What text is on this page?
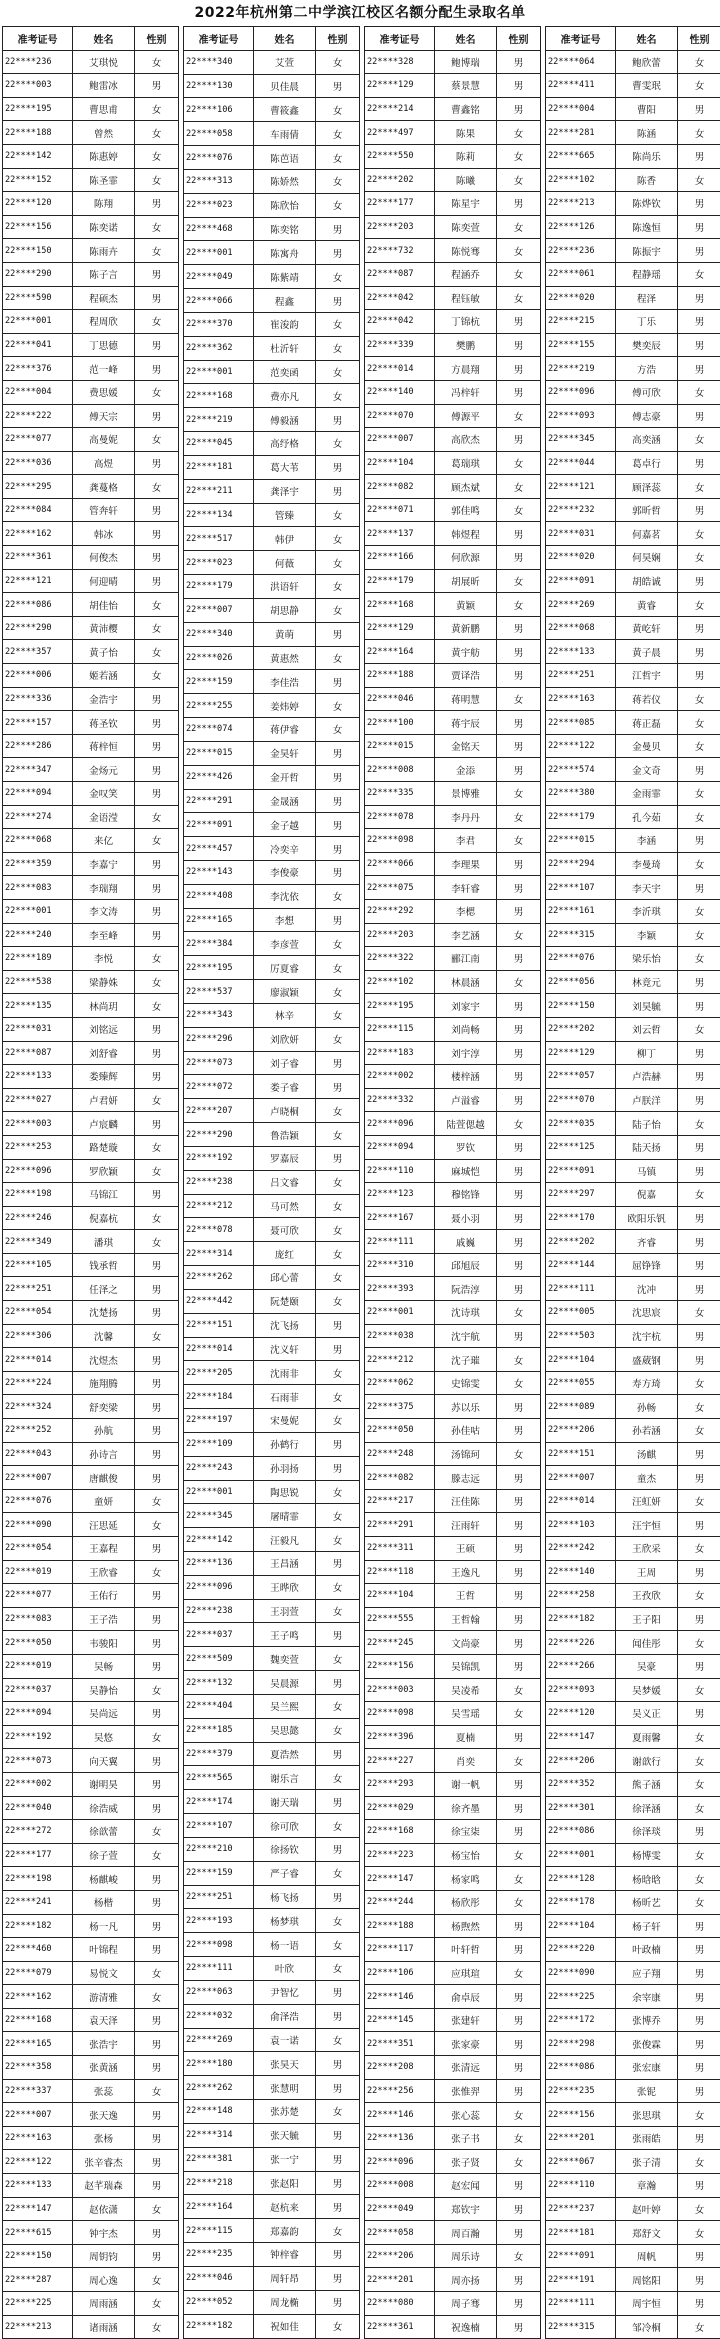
2022年杭州第二中学滨江校区名额分配生录取名单
准考证号	姓名	性别
22****236	艾琪悦	女
22****003	鲍雷冰	男
22****195	曹思甫	女
22****188	曾然	女
22****142	陈惠婷	女
22****152	陈圣霏	女
22****120	陈翔	男
22****156	陈奕诺	女
22****150	陈雨卉	女
22****290	陈子言	男
22****590	程硕杰	男
22****001	程周欣	女
22****041	丁思德	男
22****376	范一峰	男
22****004	费思媛	女
22****222	傅天宗	男
22****077	高曼妮	女
22****036	高煜	男
22****295	龚蔓格	女
22****084	管奔轩	男
22****162	韩冰	男
22****361	何俊杰	男
22****121	何迎晴	男
22****086	胡佳怡	女
22****290	黄沛樱	女
22****357	黄子怡	女
22****006	姬若涵	女
22****336	金浩宇	男
22****157	蒋圣钦	男
22****286	蒋梓恒	男
22****347	金炀元	男
22****094	金叹笑	男
22****274	金语滢	女
22****068	来亿	女
22****359	李嘉宁	男
22****083	李瑞翔	男
22****001	李文涛	男
22****240	李至峰	男
22****189	李悦	女
22****538	梁静姝	女
22****135	林尚玥	女
22****031	刘铭远	男
22****087	刘舒睿	男
22****133	娄臻辉	男
22****027	卢君妍	女
22****003	卢宸麟	男
22****253	路楚璇	女
22****096	罗欣颖	女
22****198	马锦江	男
22****246	倪嘉杭	女
22****349	潘琪	女
22****105	钱承哲	男
22****251	任泽之	男
22****054	沈楚扬	男
22****306	沈馨	女
22****014	沈煜杰	男
22****224	施翔腾	男
22****324	舒奕梁	男
22****252	孙航	男
22****043	孙诗言	男
22****007	唐麒俊	男
22****076	童妍	女
22****090	汪思延	女
22****054	王嘉程	男
22****019	王欣睿	女
22****077	王佑行	男
22****083	王子浩	男
22****050	韦骏阳	男
22****019	吴畅	男
22****037	吴静怡	女
22****094	吴尚远	男
22****192	吴悠	女
22****073	向天翼	男
22****002	谢明昊	男
22****040	徐浩威	男
22****272	徐歆蕾	女
22****177	徐子萱	女
22****198	杨麒峻	男
22****241	杨楷	男
22****182	杨一凡	男
22****460	叶锦程	男
22****079	易悦文	女
22****162	游清雅	女
22****168	袁天泽	男
22****165	张浩宇	男
22****358	张黄涵	男
22****337	张蕊	女
22****007	张天逸	男
22****163	张杨	男
22****122	张辛睿杰	男
22****133	赵芊瑞森	男
22****147	赵依潇	女
22****615	钟宇杰	男
22****150	周钥钧	男
22****287	周心逸	女
22****225	周雨涵	女
22****213	诸雨涵	女
准考证号	姓名	性别
22****340	艾萱	女
22****130	贝佳晨	男
22****106	曹筱鑫	女
22****058	车雨倩	女
22****076	陈芭语	女
22****313	陈娇然	女
22****023	陈欣怡	女
22****468	陈奕铭	男
22****001	陈寓舟	男
22****049	陈紫靖	女
22****066	程鑫	男
22****370	崔浚韵	女
22****362	杜沂轩	女
22****001	范奕函	女
22****168	费亦凡	女
22****219	傅毅涵	男
22****045	高纾格	女
22****181	葛大苇	男
22****211	龚泽宇	男
22****134	管臻	女
22****517	韩伊	女
22****023	何薇	女
22****179	洪语轩	女
22****007	胡思静	女
22****340	黄萌	男
22****026	黄惠然	女
22****159	李佳浩	男
22****255	姜炜婷	女
22****074	蒋伊睿	女
22****015	金昊轩	男
22****426	金开哲	男
22****291	金晟涵	男
22****091	金子越	男
22****457	冷奕辛	男
22****143	李俊豪	男
22****408	李沈依	女
22****165	李想	男
22****384	李彦萱	女
22****195	厉夏睿	女
22****537	廖淑颖	女
22****343	林辛	女
22****296	刘欣妍	女
22****073	刘子睿	男
22****072	娄子睿	男
22****207	卢晓桐	女
22****290	鲁浩颖	女
22****192	罗嘉辰	男
22****238	吕文睿	女
22****212	马可然	女
22****078	聂可欣	女
22****314	庞红	女
22****262	邱心蕾	女
22****442	阮楚颐	女
22****151	沈飞扬	男
22****014	沈义轩	男
22****205	沈雨非	女
22****184	石雨菲	女
22****197	宋曼妮	女
22****109	孙鹤行	男
22****243	孙羽扬	男
22****001	陶思锐	女
22****345	屠晴霏	女
22****142	汪毅凡	女
22****136	王昌涵	男
22****096	王晔欣	女
22****238	王羽萱	女
22****037	王子鸣	男
22****509	魏奕萱	女
22****132	吴晨源	男
22****404	吴兰熙	女
22****185	吴思懿	女
22****379	夏浩然	男
22****565	谢乐言	女
22****174	谢天瑞	男
22****107	徐可欣	女
22****210	徐扬钦	男
22****159	严子睿	女
22****251	杨飞扬	男
22****193	杨梦琪	女
22****098	杨一语	女
22****111	叶欣	女
22****063	尹智忆	男
22****032	俞泽浩	男
22****269	袁一诺	女
22****180	张昊天	男
22****262	张慧明	男
22****148	张苏楚	女
22****314	张天毓	男
22****381	张一宁	男
22****218	张赵阳	男
22****164	赵杭来	男
22****115	郑嘉韵	女
22****235	钟梓睿	男
22****046	周轩昂	男
22****052	周龙椭	男
22****182	祝如佳	女
准考证号	姓名	性别
22****328	鲍博瑞	男
22****129	蔡景慧	男
22****214	曹鑫铭	男
22****497	陈果	女
22****550	陈莉	女
22****202	陈曦	女
22****177	陈星宇	男
22****203	陈奕萱	女
22****732	陈悦骞	女
22****087	程涵乔	女
22****042	程钰敏	女
22****042	丁锦杭	男
22****339	樊鹏	男
22****014	方晨翔	男
22****140	冯梓轩	男
22****070	傅源平	女
22****007	高欣杰	男
22****104	葛瑞琪	女
22****082	顾杰斌	女
22****071	郭佳鸣	女
22****137	韩煜程	男
22****166	何欣源	男
22****179	胡展昕	女
22****168	黄颖	女
22****129	黄新鹏	男
22****164	黄宇舫	男
22****188	贾译浩	男
22****046	蒋明慧	女
22****100	蒋宇辰	男
22****015	金铭天	男
22****008	金添	男
22****335	景博雅	女
22****078	李丹丹	女
22****098	李君	女
22****066	李理果	男
22****075	李轩睿	男
22****292	李楒	男
22****203	李艺涵	女
22****322	郦江南	男
22****102	林晨涵	女
22****195	刘家宇	男
22****115	刘尚畅	男
22****183	刘宇淳	男
22****002	楼梓涵	男
22****332	卢溢睿	男
22****096	陆萱偲越	女
22****094	罗钦	男
22****110	麻城恺	男
22****123	穆铭锋	男
22****167	聂小羽	男
22****111	戚巍	男
22****310	邱旭辰	男
22****393	阮浩淳	男
22****001	沈诗琪	女
22****038	沈宇航	男
22****212	沈子璀	女
22****062	史锦雯	女
22****375	苏以乐	男
22****050	孙佳咕	男
22****248	汤锦珂	女
22****082	滕志远	男
22****217	汪佳陈	男
22****291	汪雨轩	男
22****311	王硕	男
22****118	王逸凡	男
22****104	王哲	男
22****555	王哲翰	男
22****245	文尚豪	男
22****156	吴锦凯	男
22****003	吴凌希	女
22****098	吴雪瑶	女
22****396	夏楠	男
22****227	肖奕	女
22****293	谢一帆	男
22****029	徐齐墨	男
22****168	徐宝柒	男
22****223	杨宝怡	女
22****147	杨家鸣	女
22****244	杨欣彤	女
22****188	杨煦然	男
22****117	叶轩哲	男
22****106	应琪瑄	女
22****146	俞卓辰	男
22****145	张建轩	男
22****351	张家豪	男
22****208	张清远	男
22****256	张惟羿	男
22****146	张心蕊	女
22****136	张子书	女
22****096	张子贤	女
22****008	赵宏闻	男
22****049	郑钦宇	男
22****058	周百瀚	男
22****206	周乐诗	女
22****201	周亦扬	男
22****080	周子骞	男
22****361	祝逸楠	男
准考证号	姓名	性别
22****064	鲍欣蕾	女
22****411	曹雯珉	女
22****004	曹阳	男
22****281	陈涵	女
22****665	陈尚乐	男
22****102	陈香	女
22****213	陈烨钦	男
22****126	陈逸恒	男
22****236	陈振宇	男
22****061	程静瑶	女
22****020	程泽	男
22****215	丁乐	男
22****155	樊奕辰	男
22****219	方浩	男
22****096	傅可欣	女
22****093	傅志豪	男
22****345	高奕涵	女
22****044	葛卓行	男
22****121	顾泽蕊	女
22****232	郭昕哲	男
22****031	何嘉茗	女
22****020	何昊娴	女
22****091	胡皓诚	男
22****269	黄睿	女
22****068	黄屹轩	男
22****133	黄子晨	男
22****251	江哲宇	男
22****163	蒋若仪	女
22****085	蒋正磊	女
22****122	金曼贝	女
22****574	金文奇	男
22****380	金雨霏	女
22****179	孔今茹	女
22****015	李涵	男
22****294	李曼琦	女
22****107	李天宇	男
22****161	李沂琪	女
22****315	李颖	女
22****076	梁乐怡	女
22****056	林竟元	男
22****150	刘昊毓	男
22****202	刘云哲	女
22****129	柳丁	男
22****057	卢浩赫	男
22****070	卢朕洋	男
22****035	陆子怡	女
22****125	陆天扬	男
22****091	马镇	男
22****297	倪嘉	女
22****170	欧阳乐钒	男
22****202	齐睿	男
22****144	屈铮锋	男
22****111	沈冲	男
22****005	沈思宸	女
22****503	沈宇杭	男
22****104	盛葳钢	男
22****055	寿方琦	女
22****089	孙畅	女
22****206	孙若涵	女
22****151	汤麒	男
22****007	童杰	男
22****014	汪虹妍	女
22****103	汪宇恒	男
22****242	王欣采	女
22****140	王周	男
22****258	王孜欣	女
22****182	王子阳	男
22****226	闻佳彤	女
22****266	吴豪	男
22****093	吴梦媛	女
22****120	吴义正	男
22****147	夏雨馨	女
22****206	谢歆行	女
22****352	熊子涵	女
22****301	徐泽涵	女
22****086	徐泽琰	男
22****001	杨博雯	女
22****128	杨晗晗	女
22****178	杨昕艺	女
22****104	杨子轩	男
22****220	叶政楠	男
22****090	应子翔	男
22****225	余宰康	男
22****172	张博乔	男
22****298	张俊霖	男
22****086	张宏康	男
22****235	张铌	男
22****156	张思琪	女
22****201	张雨皓	男
22****067	张子清	女
22****110	章瀚	男
22****237	赵叶婷	女
22****181	郑舒文	女
22****091	周帆	男
22****191	周铭阳	男
22****111	周宇恒	男
22****315	邹冷桐	女
